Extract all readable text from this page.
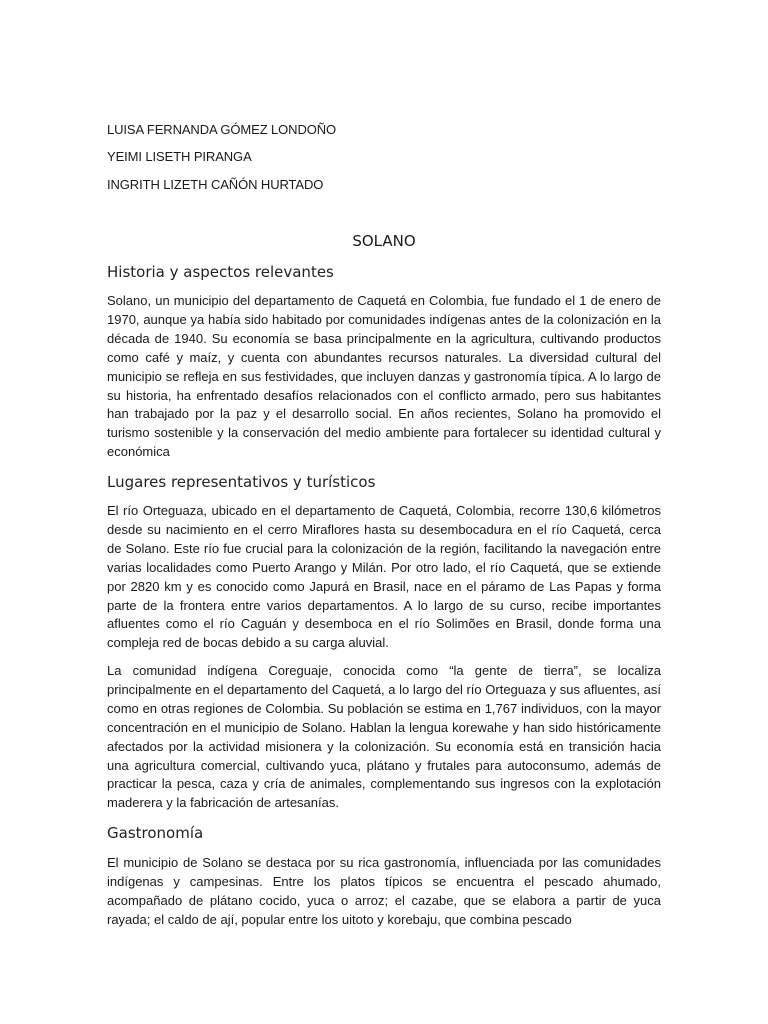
LUISA FERNANDA GÓMEZ LONDOÑO
YEIMI LISETH PIRANGA
INGRITH LIZETH CAÑÓN HURTADO
SOLANO
Historia y aspectos relevantes
Solano, un municipio del departamento de Caquetá en Colombia, fue fundado el 1 de enero de 1970, aunque ya había sido habitado por comunidades indígenas antes de la colonización en la década de 1940. Su economía se basa principalmente en la agricultura, cultivando productos como café y maíz, y cuenta con abundantes recursos naturales. La diversidad cultural del municipio se refleja en sus festividades, que incluyen danzas y gastronomía típica. A lo largo de su historia, ha enfrentado desafíos relacionados con el conflicto armado, pero sus habitantes han trabajado por la paz y el desarrollo social. En años recientes, Solano ha promovido el turismo sostenible y la conservación del medio ambiente para fortalecer su identidad cultural y económica
Lugares representativos y turísticos
El río Orteguaza, ubicado en el departamento de Caquetá, Colombia, recorre 130,6 kilómetros desde su nacimiento en el cerro Miraflores hasta su desembocadura en el río Caquetá, cerca de Solano. Este río fue crucial para la colonización de la región, facilitando la navegación entre varias localidades como Puerto Arango y Milán. Por otro lado, el río Caquetá, que se extiende por 2820 km y es conocido como Japurá en Brasil, nace en el páramo de Las Papas y forma parte de la frontera entre varios departamentos. A lo largo de su curso, recibe importantes afluentes como el río Caguán y desemboca en el río Solimões en Brasil, donde forma una compleja red de bocas debido a su carga aluvial.
La comunidad indígena Coreguaje, conocida como “la gente de tierra”, se localiza principalmente en el departamento del Caquetá, a lo largo del río Orteguaza y sus afluentes, así como en otras regiones de Colombia. Su población se estima en 1,767 individuos, con la mayor concentración en el municipio de Solano. Hablan la lengua korewahe y han sido históricamente afectados por la actividad misionera y la colonización. Su economía está en transición hacia una agricultura comercial, cultivando yuca, plátano y frutales para autoconsumo, además de practicar la pesca, caza y cría de animales, complementando sus ingresos con la explotación maderera y la fabricación de artesanías.
Gastronomía
El municipio de Solano se destaca por su rica gastronomía, influenciada por las comunidades indígenas y campesinas. Entre los platos típicos se encuentra el pescado ahumado, acompañado de plátano cocido, yuca o arroz; el cazabe, que se elabora a partir de yuca rayada; el caldo de ají, popular entre los uitoto y korebaju, que combina pescado
